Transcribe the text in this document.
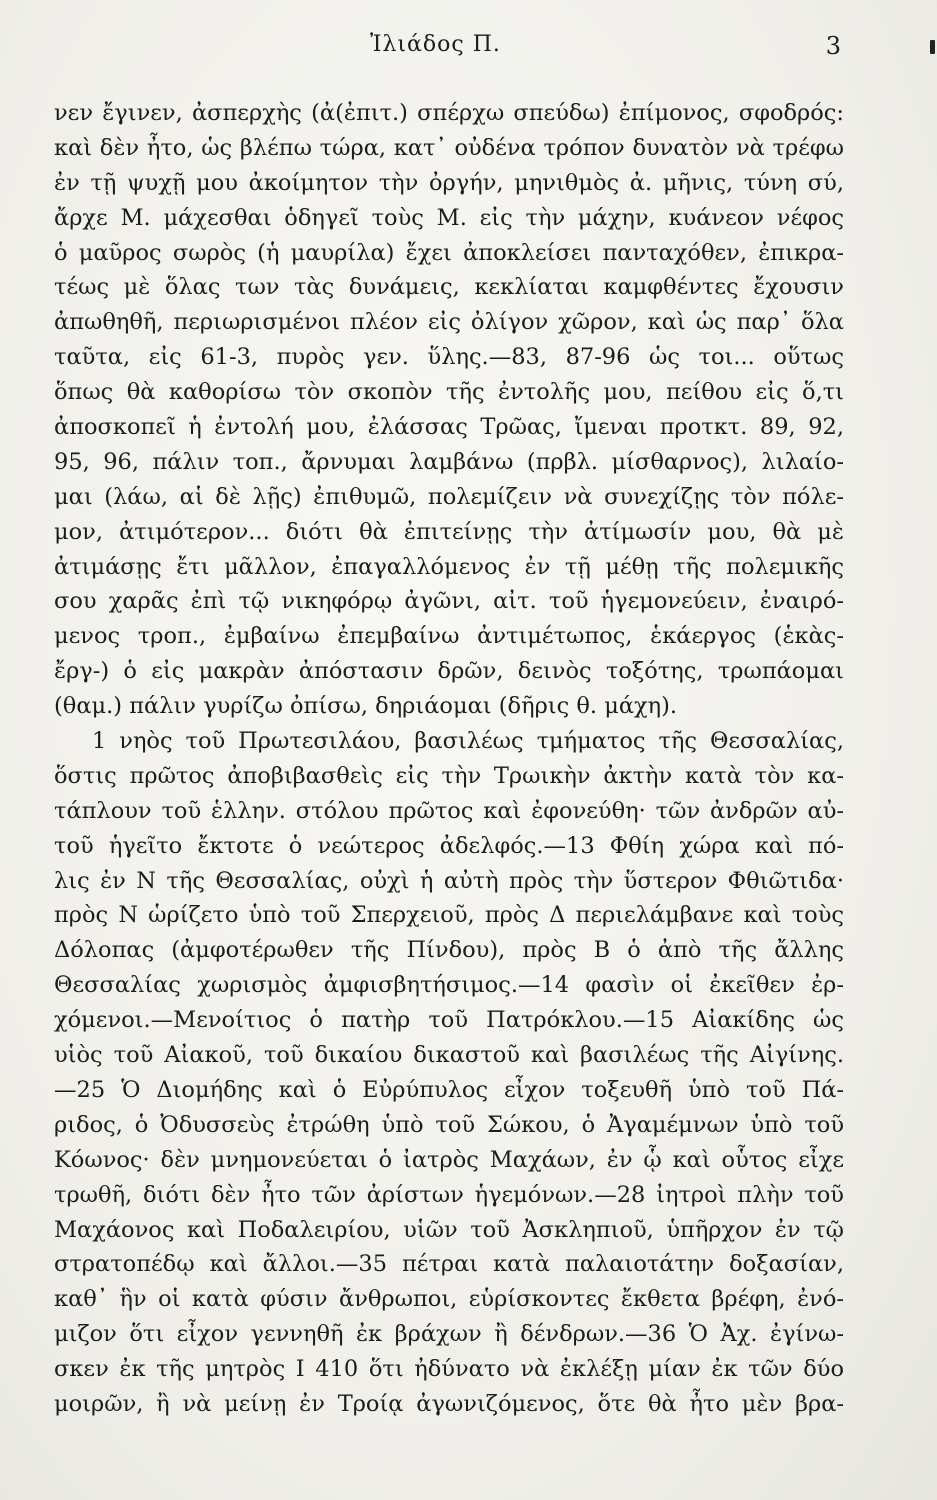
Ἰλιάδος Π.	3
νεν ἔγινεν, ἀσπερχὴς (ἀ(ἐπιτ.) σπέρχω σπεύδω) ἐπίμονος, σφοδρός:
καὶ δὲν ἦτο, ὡς βλέπω τώρα, κατ᾿ οὐδένα τρόπον δυνατὸν νὰ τρέφω
ἐν τῇ ψυχῇ μου ἀκοίμητον τὴν ὀργήν, μηνιθμὸς ἀ. μῆνις, τύνη σύ,
ἄρχε Μ. μάχεσθαι ὁδηγεῖ τοὺς Μ. εἰς τὴν μάχην, κυάνεον νέφος
ὁ μαῦρος σωρὸς (ἡ μαυρίλα) ἔχει ἀποκλείσει πανταχόθεν, ἐπικρα-
τέως μὲ ὅλας των τὰς δυνάμεις, κεκλίαται καμφθέντες ἔχουσιν
ἀπωθηθῆ, περιωρισμένοι πλέον εἰς ὀλίγον χῶρον, καὶ ὡς παρ᾿ ὅλα
ταῦτα, εἰς 61-3, πυρὸς γεν. ὕλης.—83, 87-96 ὡς τοι... οὕτως
ὅπως θὰ καθορίσω τὸν σκοπὸν τῆς ἐντολῆς μου, πείθου εἰς ὅ,τι
ἀποσκοπεῖ ἡ ἐντολή μου, ἐλάσσας Τρῶας, ἴμεναι προτκτ. 89, 92,
95, 96, πάλιν τοπ., ἄρνυμαι λαμβάνω (πρβλ. μίσθαρνος), λιλαίο-
μαι (λάω, αἱ δὲ λῇς) ἐπιθυμῶ, πολεμίζειν νὰ συνεχίζῃς τὸν πόλε-
μον, ἀτιμότερον... διότι θὰ ἐπιτείνῃς τὴν ἀτίμωσίν μου, θὰ μὲ
ἀτιμάσῃς ἔτι μᾶλλον, ἐπαγαλλόμενος ἐν τῇ μέθῃ τῆς πολεμικῆς
σου χαρᾶς ἐπὶ τῷ νικηφόρῳ ἀγῶνι, αἰτ. τοῦ ἡγεμονεύειν, ἐναιρό-
μενος τροπ., ἐμβαίνω ἐπεμβαίνω ἀντιμέτωπος, ἑκάεργος (ἑκὰς-
ἔργ-) ὁ εἰς μακρὰν ἀπόστασιν δρῶν, δεινὸς τοξότης, τρωπάομαι
(θαμ.) πάλιν γυρίζω ὀπίσω, δηριάομαι (δῆρις θ. μάχη).
1 νηὸς τοῦ Πρωτεσιλάου, βασιλέως τμήματος τῆς Θεσσαλίας,
ὅστις πρῶτος ἀποβιβασθεὶς εἰς τὴν Τρωικὴν ἀκτὴν κατὰ τὸν κα-
τάπλουν τοῦ ἑλλην. στόλου πρῶτος καὶ ἐφονεύθη· τῶν ἀνδρῶν αὐ-
τοῦ ἡγεῖτο ἔκτοτε ὁ νεώτερος ἀδελφός.—13 Φθίη χώρα καὶ πό-
λις ἐν Ν τῆς Θεσσαλίας, οὐχὶ ἡ αὐτὴ πρὸς τὴν ὕστερον Φθιῶτιδα·
πρὸς Ν ὡρίζετο ὑπὸ τοῦ Σπερχειοῦ, πρὸς Δ περιελάμβανε καὶ τοὺς
Δόλοπας (ἀμφοτέρωθεν τῆς Πίνδου), πρὸς Β ὁ ἀπὸ τῆς ἄλλης
Θεσσαλίας χωρισμὸς ἀμφισβητήσιμος.—14 φασὶν οἱ ἐκεῖθεν ἐρ-
χόμενοι.—Μενοίτιος ὁ πατὴρ τοῦ Πατρόκλου.—15 Αἰακίδης ὡς
υἱὸς τοῦ Αἰακοῦ, τοῦ δικαίου δικαστοῦ καὶ βασιλέως τῆς Αἰγίνης.
—25 Ὁ Διομήδης καὶ ὁ Εὐρύπυλος εἶχον τοξευθῆ ὑπὸ τοῦ Πά-
ριδος, ὁ Ὀδυσσεὺς ἐτρώθη ὑπὸ τοῦ Σώκου, ὁ Ἀγαμέμνων ὑπὸ τοῦ
Κόωνος· δὲν μνημονεύεται ὁ ἰατρὸς Μαχάων, ἐν ᾧ καὶ οὗτος εἶχε
τρωθῆ, διότι δὲν ἦτο τῶν ἀρίστων ἡγεμόνων.—28 ἰητροὶ πλὴν τοῦ
Μαχάονος καὶ Ποδαλειρίου, υἱῶν τοῦ Ἀσκληπιοῦ, ὑπῆρχον ἐν τῷ
στρατοπέδῳ καὶ ἄλλοι.—35 πέτραι κατὰ παλαιοτάτην δοξασίαν,
καθ᾿ ἣν οἱ κατὰ φύσιν ἄνθρωποι, εὑρίσκοντες ἔκθετα βρέφη, ἐνό-
μιζον ὅτι εἶχον γεννηθῆ ἐκ βράχων ἢ δένδρων.—36 Ὁ Ἀχ. ἐγίνω-
σκεν ἐκ τῆς μητρὸς Ι 410 ὅτι ἠδύνατο νὰ ἐκλέξῃ μίαν ἐκ τῶν δύο
μοιρῶν, ἢ νὰ μείνῃ ἐν Τροίᾳ ἀγωνιζόμενος, ὅτε θὰ ἦτο μὲν βρα-
